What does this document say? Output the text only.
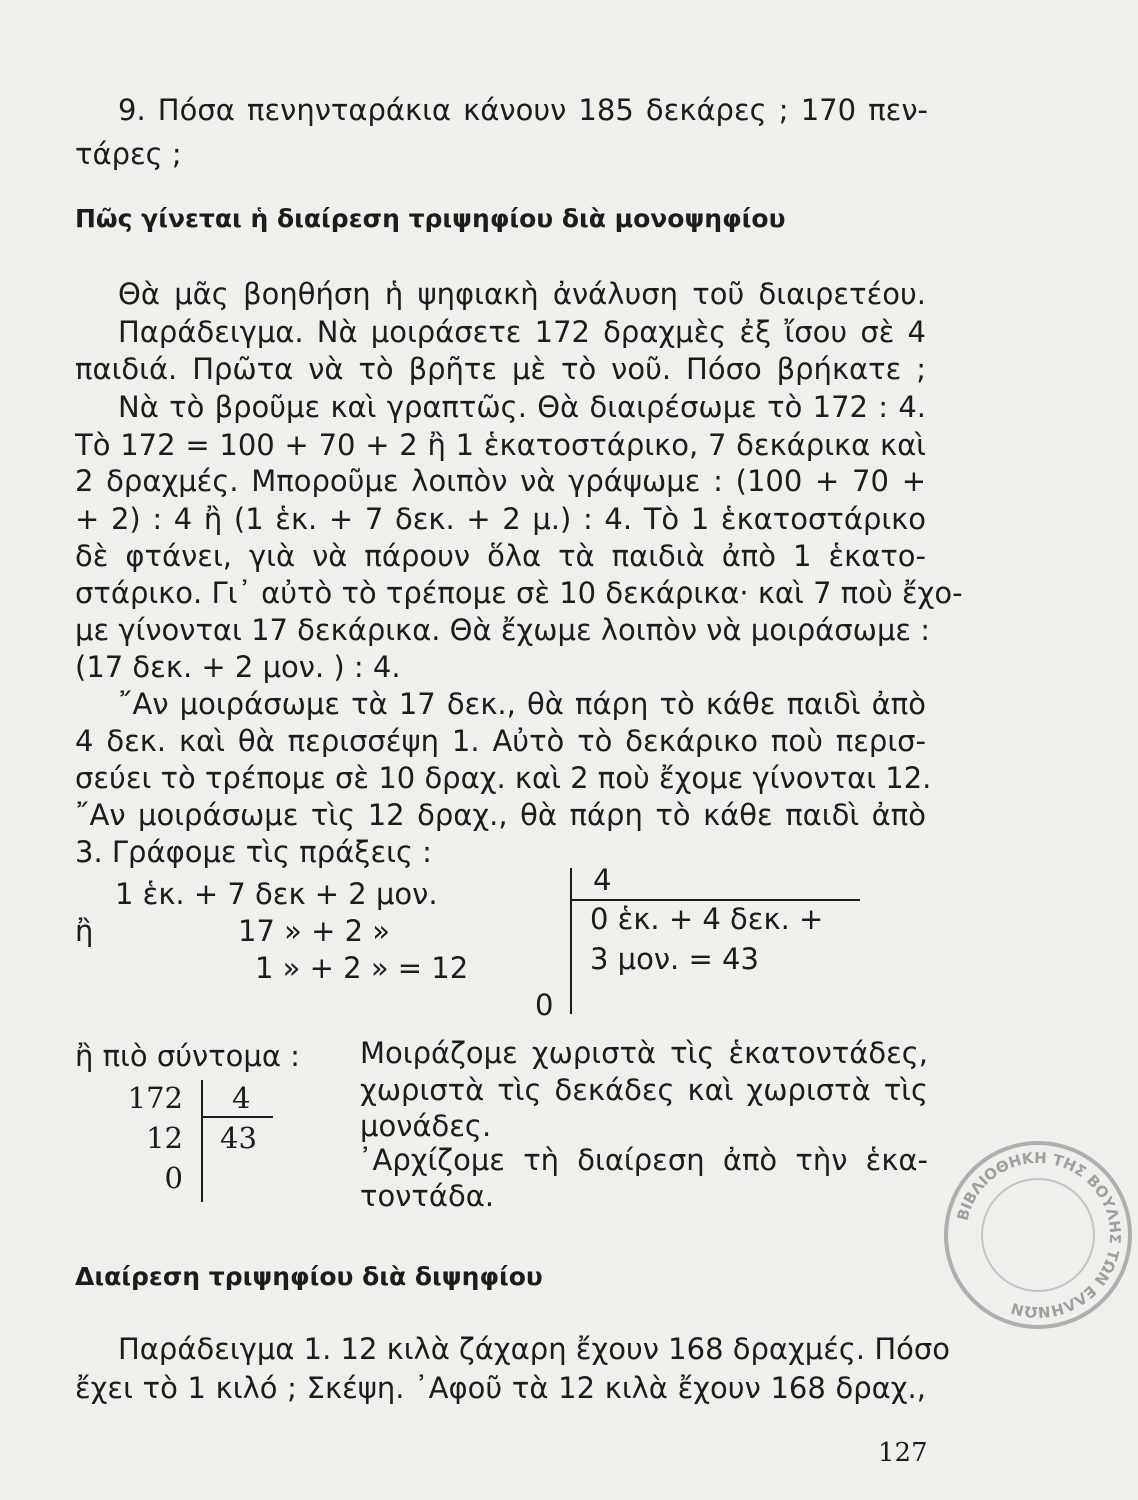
9. Πόσα πενηνταράκια κάνουν 185 δεκάρες ; 170 πεν-
τάρες ;
Πῶς γίνεται ἡ διαίρεση τριψηφίου διὰ μονοψηφίου
Θὰ μᾶς βοηθήση ἡ ψηφιακὴ ἀνάλυση τοῦ διαιρετέου.
Παράδειγμα. Νὰ μοιράσετε 172 δραχμὲς ἐξ ἴσου σὲ 4
παιδιά. Πρῶτα νὰ τὸ βρῆτε μὲ τὸ νοῦ. Πόσο βρήκατε ;
Νὰ τὸ βροῦμε καὶ γραπτῶς. Θὰ διαιρέσωμε τὸ 172 : 4.
Τὸ 172 = 100 + 70 + 2 ἢ 1 ἑκατοστάρικο, 7 δεκάρικα καὶ
2 δραχμές. Μποροῦμε λοιπὸν νὰ γράψωμε : (100 + 70 +
+ 2) : 4 ἢ (1 ἑκ. + 7 δεκ. + 2 μ.) : 4. Τὸ 1 ἑκατοστάρικο
δὲ φτάνει, γιὰ νὰ πάρουν ὅλα τὰ παιδιὰ ἀπὸ 1 ἑκατο-
στάρικο. Γι᾽ αὐτὸ τὸ τρέπομε σὲ 10 δεκάρικα· καὶ 7 ποὺ ἔχο-
με γίνονται 17 δεκάρικα. Θὰ ἔχωμε λοιπὸν νὰ μοιράσωμε :
(17 δεκ. + 2 μον. ) : 4.
῎Αν μοιράσωμε τὰ 17 δεκ., θὰ πάρη τὸ κάθε παιδὶ ἀπὸ
4 δεκ. καὶ θὰ περισσέψη 1. Αὐτὸ τὸ δεκάρικο ποὺ περισ-
σεύει τὸ τρέπομε σὲ 10 δραχ. καὶ 2 ποὺ ἔχομε γίνονται 12.
῎Αν μοιράσωμε τὶς 12 δραχ., θὰ πάρη τὸ κάθε παιδὶ ἀπὸ
3. Γράφομε τὶς πράξεις :
1 ἑκ. + 7 δεκ + 2 μον.
ἢ	17 » + 2 »
1 » + 2 » = 12
0
4
0 ἑκ. + 4 δεκ. +
3 μον. = 43
ἢ πιὸ σύντομα :
172
12
0
4
43
Μοιράζομε χωριστὰ τὶς ἑκατοντάδες,
χωριστὰ τὶς δεκάδες καὶ χωριστὰ τὶς
μονάδες.
᾽Αρχίζομε τὴ διαίρεση ἀπὸ τὴν ἑκα-
τοντάδα.
Διαίρεση τριψηφίου διὰ διψηφίου
Παράδειγμα 1. 12 κιλὰ ζάχαρη ἔχουν 168 δραχμές. Πόσο
ἔχει τὸ 1 κιλό ; Σκέψη. ᾽Αφοῦ τὰ 12 κιλὰ ἔχουν 168 δραχ.,
127
ΒΙΒΛΙΟΘΗΚΗ ΤΗΣ ΒΟΥΛΗΣ ΤΩΝ ΕΛΛΗΝΩΝ
